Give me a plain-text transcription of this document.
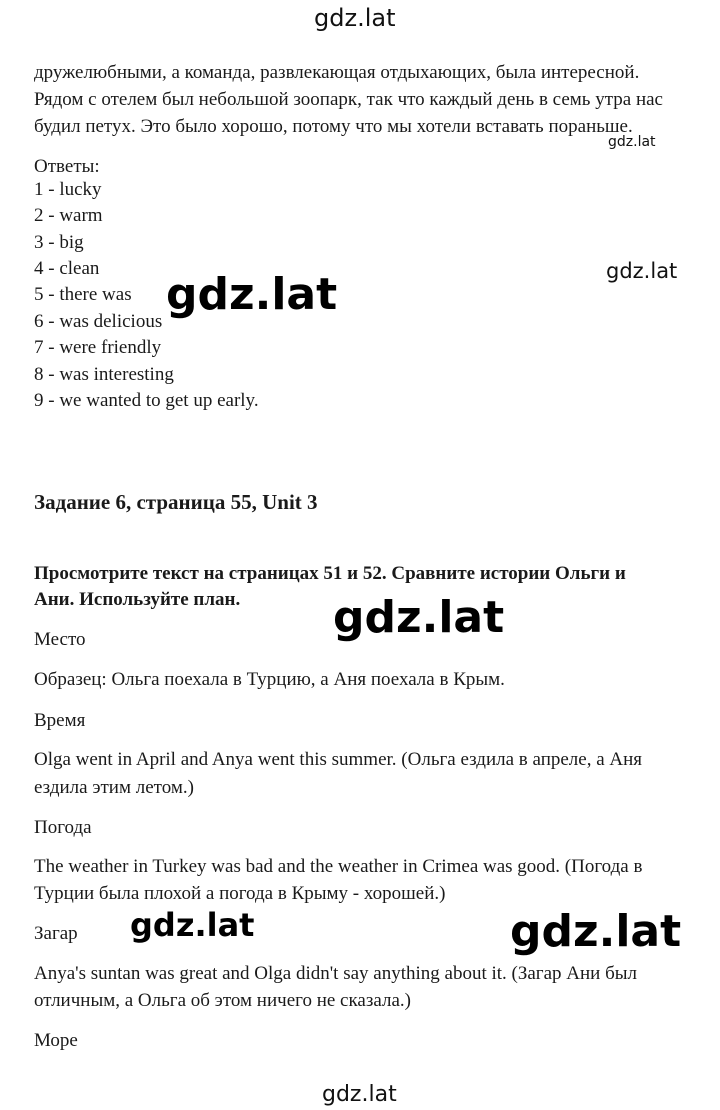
gdz.lat
gdz.lat
gdz.lat
gdz.lat
gdz.lat
gdz.lat	gdz.lat
gdz.lat
дружелюбными, а команда, развлекающая отдыхающих, была интересной.
Рядом с отелем был небольшой зоопарк, так что каждый день в семь утра нас
будил петух. Это было хорошо, потому что мы хотели вставать пораньше.
Ответы:
1 - lucky
2 - warm
3 - big
4 - clean
5 - there was
6 - was delicious
7 - were friendly
8 - was interesting
9 - we wanted to get up early.
Задание 6, страница 55, Unit 3
Просмотрите текст на страницах 51 и 52. Сравните истории Ольги и
Ани. Используйте план.
Место
Образец: Ольга поехала в Турцию, а Аня поехала в Крым.
Время
Olga went in April and Anya went this summer. (Ольга ездила в апреле, а Аня
ездила этим летом.)
Погода
The weather in Turkey was bad and the weather in Crimea was good. (Погода в
Турции была плохой а погода в Крыму - хорошей.)
Загар
Anya's suntan was great and Olga didn't say anything about it. (Загар Ани был
отличным, а Ольга об этом ничего не сказала.)
Море
